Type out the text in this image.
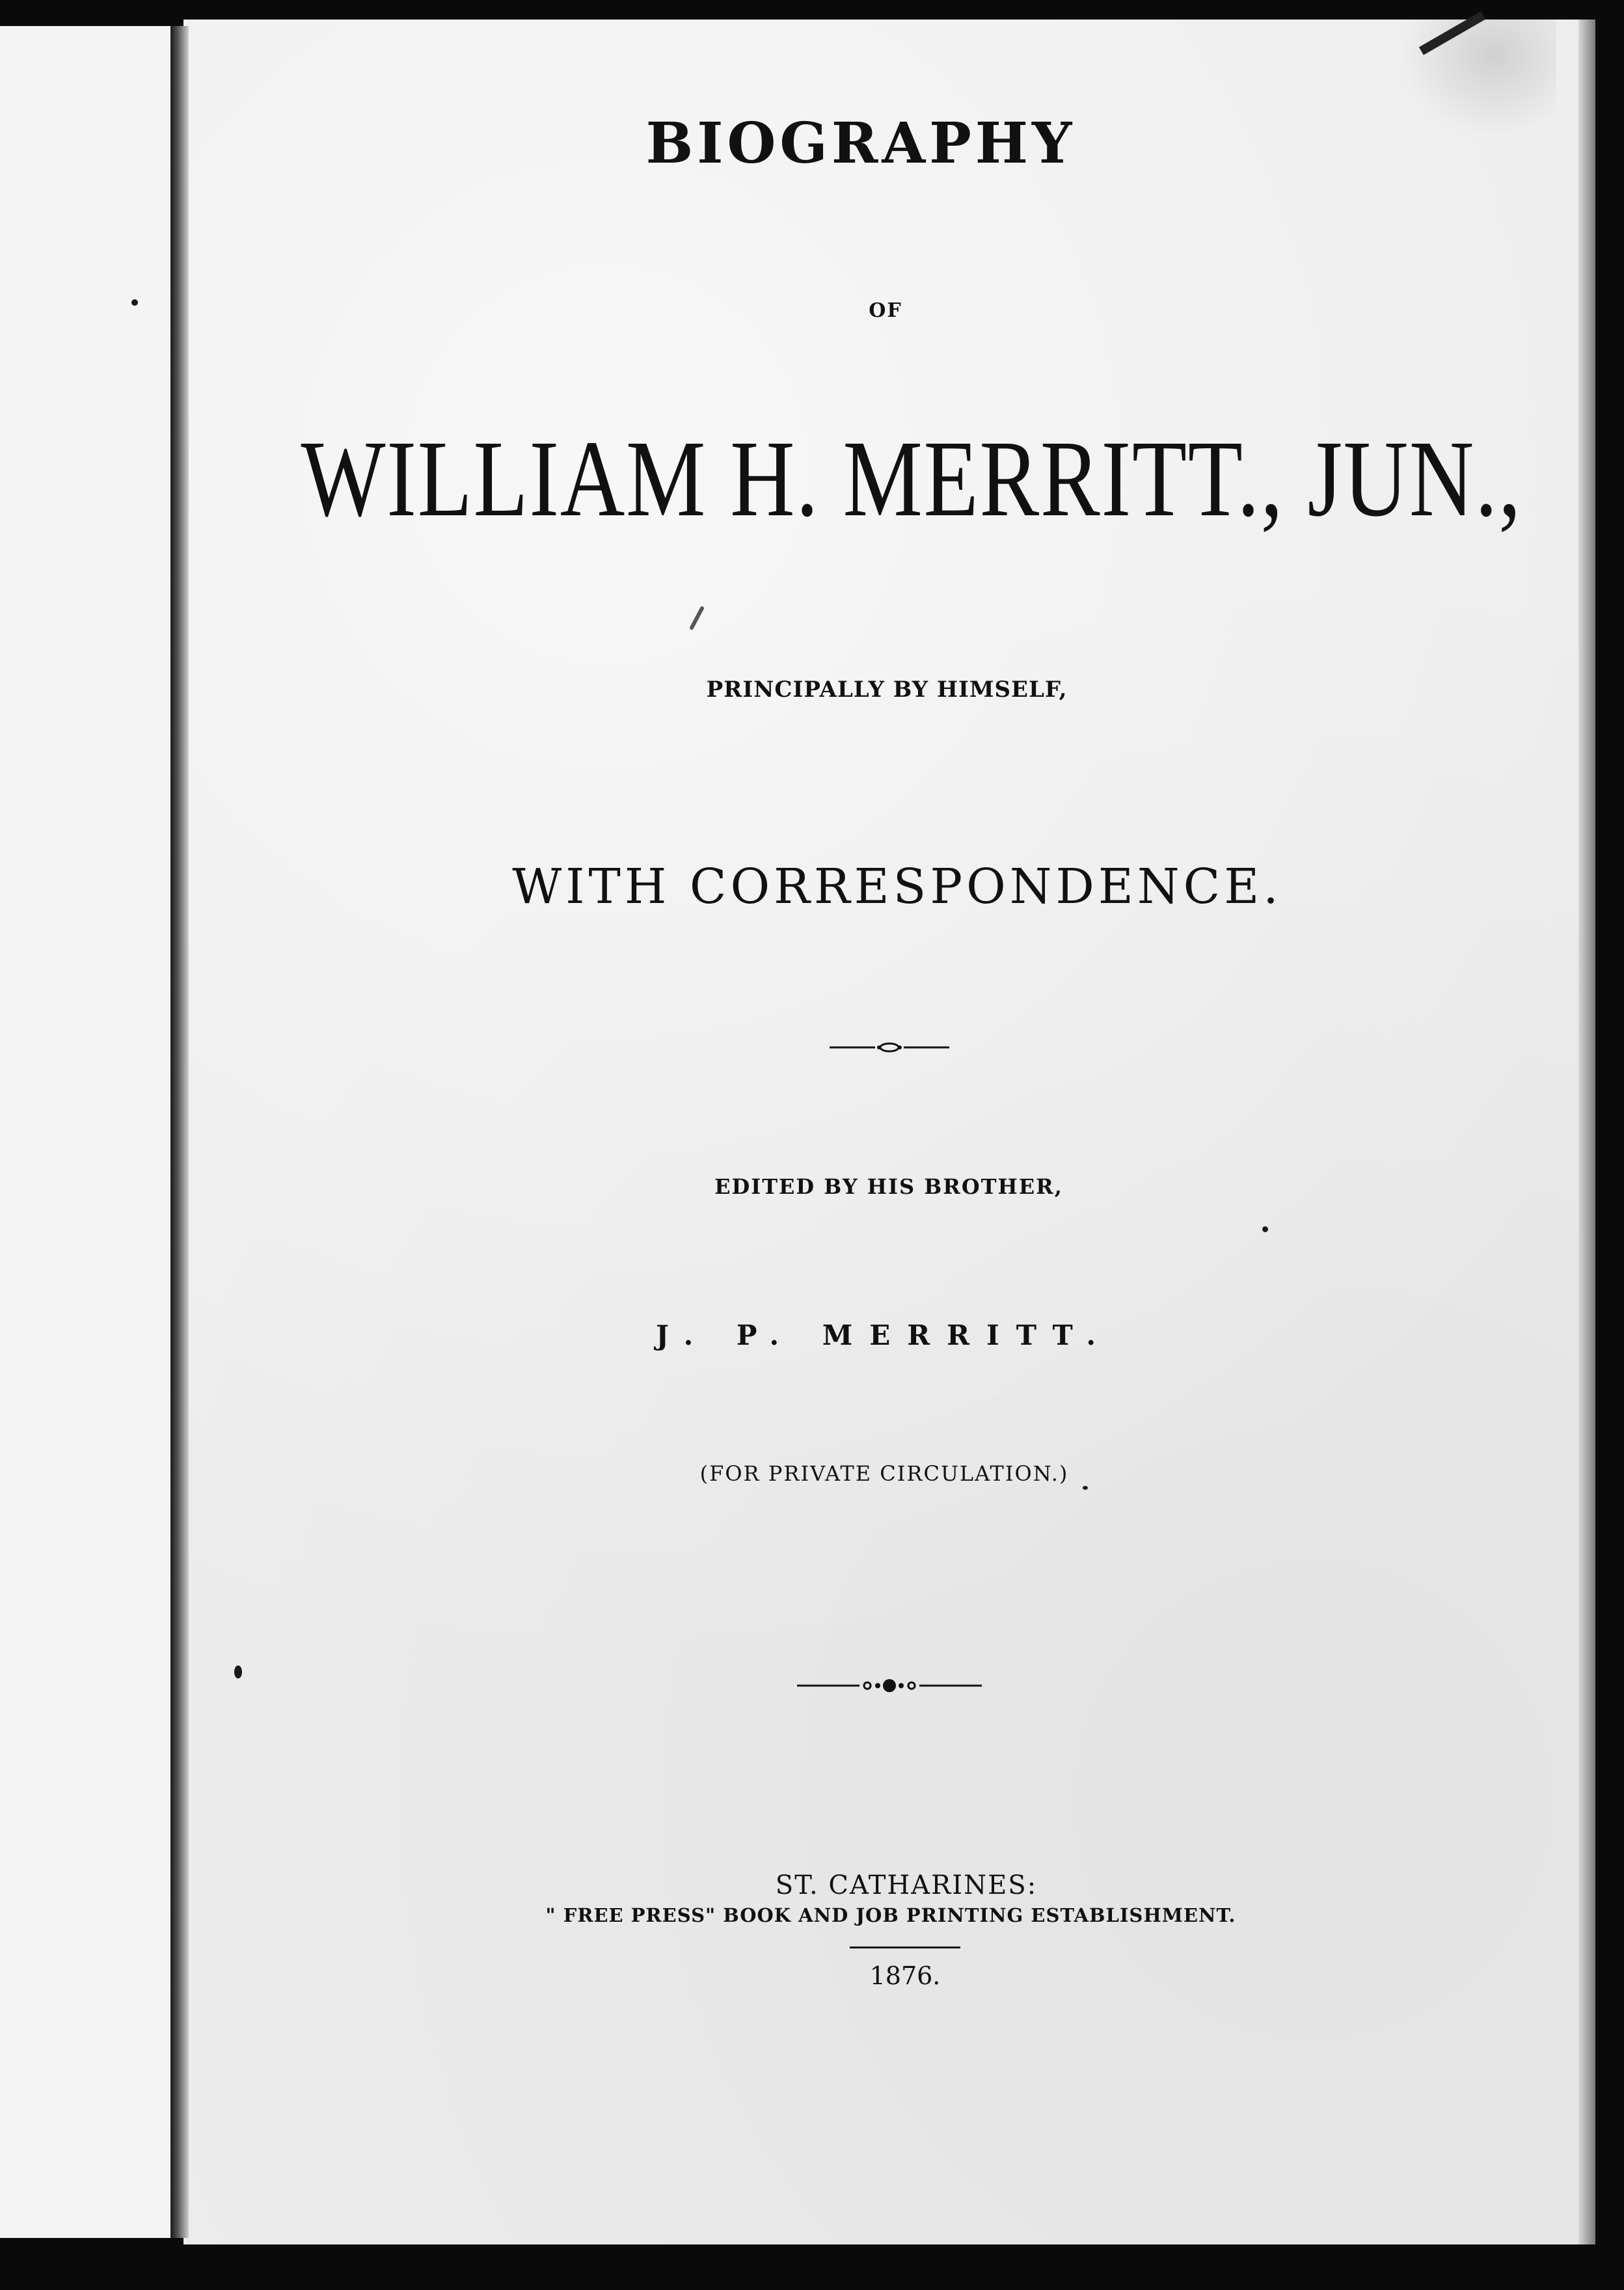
BIOGRAPHY
OF
WILLIAM H. MERRITT., JUN.,
PRINCIPALLY BY HIMSELF,
WITH CORRESPONDENCE.
EDITED BY HIS BROTHER,
J. P. MERRITT.
(FOR PRIVATE CIRCULATION.)
ST. CATHARINES:
" FREE PRESS" BOOK AND JOB PRINTING ESTABLISHMENT.
1876.
